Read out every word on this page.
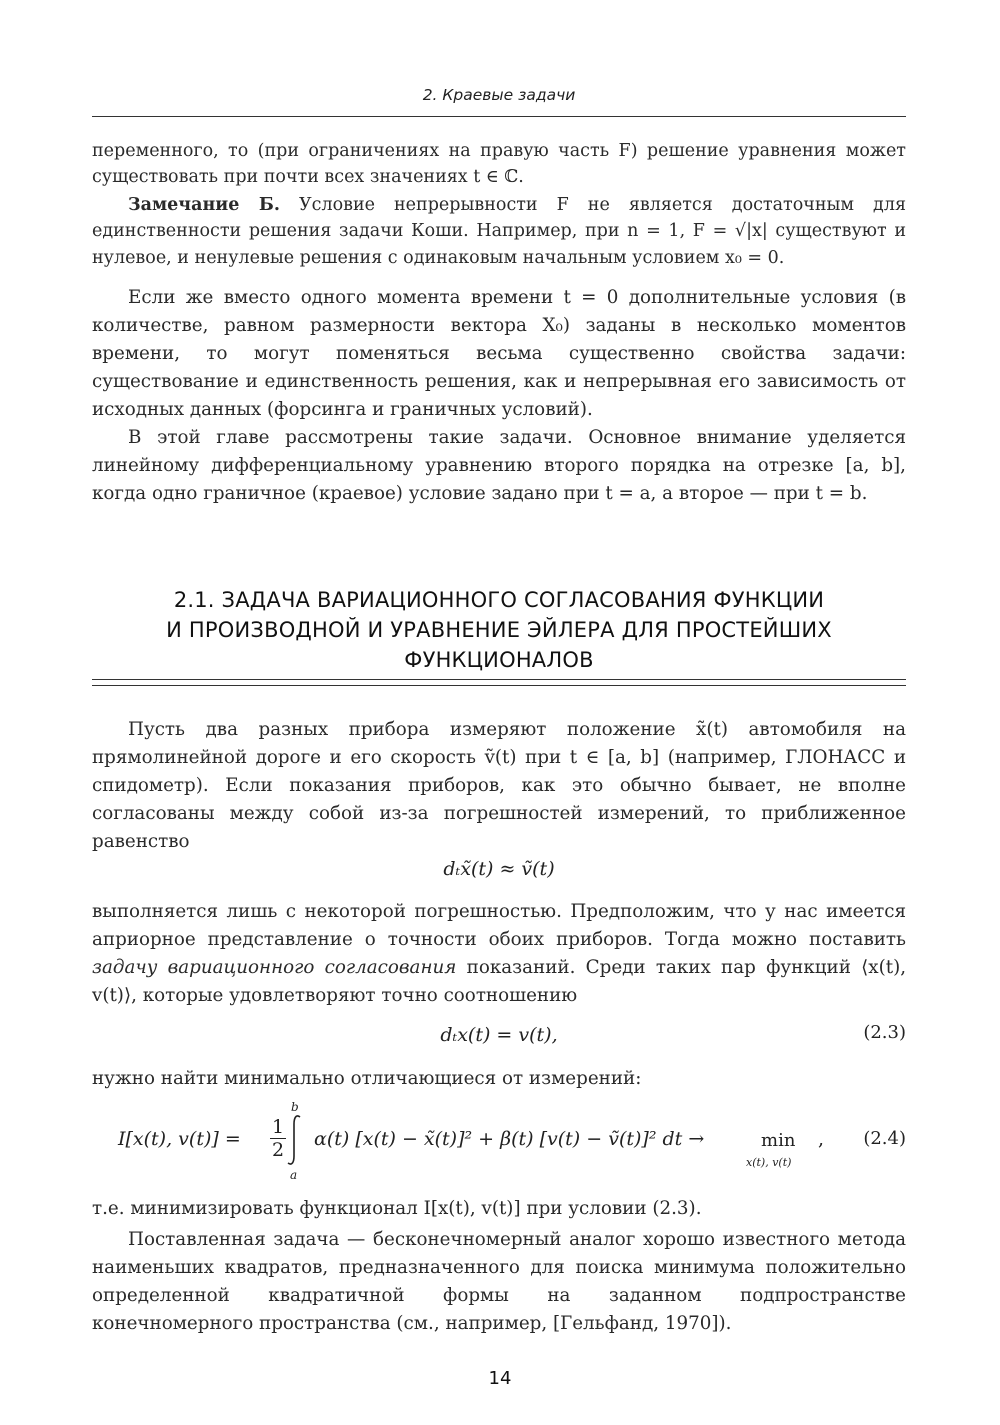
2. Краевые задачи
переменного, то (при ограничениях на правую часть F) решение уравнения может существовать при почти всех значениях t ∈ ℂ.
Замечание Б. Условие непрерывности F не является достаточным для единственности решения задачи Коши. Например, при n = 1, F = √|x| существуют и нулевое, и ненулевые решения с одинаковым начальным условием x₀ = 0.
Если же вместо одного момента времени t = 0 дополнительные условия (в количестве, равном размерности вектора X₀) заданы в несколько моментов времени, то могут поменяться весьма существенно свойства задачи: существование и единственность решения, как и непрерывная его зависимость от исходных данных (форсинга и граничных условий).
В этой главе рассмотрены такие задачи. Основное внимание уделяется линейному дифференциальному уравнению второго порядка на отрезке [a, b], когда одно граничное (краевое) условие задано при t = a, а второе — при t = b.
2.1. ЗАДАЧА ВАРИАЦИОННОГО СОГЛАСОВАНИЯ ФУНКЦИИ
И ПРОИЗВОДНОЙ И УРАВНЕНИЕ ЭЙЛЕРА ДЛЯ ПРОСТЕЙШИХ
ФУНКЦИОНАЛОВ
Пусть два разных прибора измеряют положение x̃(t) автомобиля на прямолинейной дороге и его скорость ṽ(t) при t ∈ [a, b] (например, ГЛОНАСС и спидометр). Если показания приборов, как это обычно бывает, не вполне согласованы между собой из-за погрешностей измерений, то приближенное равенство
dₜx̃(t) ≈ ṽ(t)
выполняется лишь с некоторой погрешностью. Предположим, что у нас имеется априорное представление о точности обоих приборов. Тогда можно поставить задачу вариационного согласования показаний. Среди таких пар функций ⟨x(t), v(t)⟩, которые удовлетворяют точно соотношению
dₜx(t) = v(t),	(2.3)
нужно найти минимально отличающиеся от измерений:
I[x(t), $v(t)] = \frac{1}{2}$
b
a
α(t) [x(t) − x̃(t)]² + β(t) [v(t) − ṽ(t)]² dt →	min
x(t), v(t)
, (2.4)
т.е. минимизировать функционал I[x(t), v(t)] при условии (2.3).
Поставленная задача — бесконечномерный аналог хорошо известного метода наименьших квадратов, предназначенного для поиска минимума положительно определенной квадратичной формы на заданном подпространстве конечномерного пространства (см., например, [Гельфанд, 1970]).
14
